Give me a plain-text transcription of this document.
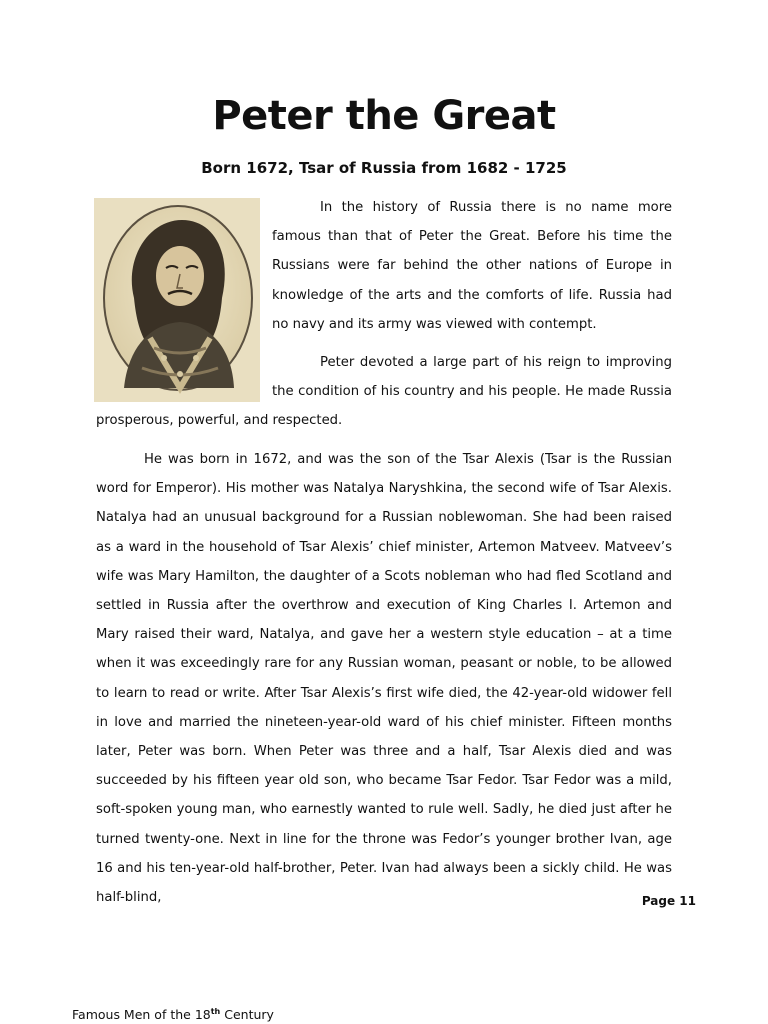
Peter the Great
Born 1672, Tsar of Russia from 1682 - 1725

In the history of Russia there is no name more famous than that of Peter the Great. Before his time the Russians were far behind the other nations of Europe in knowledge of the arts and the comforts of life. Russia had no navy and its army was viewed with contempt.

Peter devoted a large part of his reign to improving the condition of his country and his people. He made Russia prosperous, powerful, and respected.

He was born in 1672, and was the son of the Tsar Alexis (Tsar is the Russian word for Emperor). His mother was Natalya Naryshkina, the second wife of Tsar Alexis. Natalya had an unusual background for a Russian noblewoman. She had been raised as a ward in the household of Tsar Alexis’ chief minister, Artemon Matveev. Matveev’s wife was Mary Hamilton, the daughter of a Scots nobleman who had fled Scotland and settled in Russia after the overthrow and execution of King Charles I. Artemon and Mary raised their ward, Natalya, and gave her a western style education – at a time when it was exceedingly rare for any Russian woman, peasant or noble, to be allowed to learn to read or write. After Tsar Alexis’s first wife died, the 42-year-old widower fell in love and married the nineteen-year-old ward of his chief minister. Fifteen months later, Peter was born. When Peter was three and a half, Tsar Alexis died and was succeeded by his fifteen year old son, who became Tsar Fedor. Tsar Fedor was a mild, soft-spoken young man, who earnestly wanted to rule well. Sadly, he died just after he turned twenty-one. Next in line for the throne was Fedor’s younger brother Ivan, age 16 and his ten-year-old half-brother, Peter. Ivan had always been a sickly child. He was half-blind,	Page 11

Famous Men of the 18th Century
